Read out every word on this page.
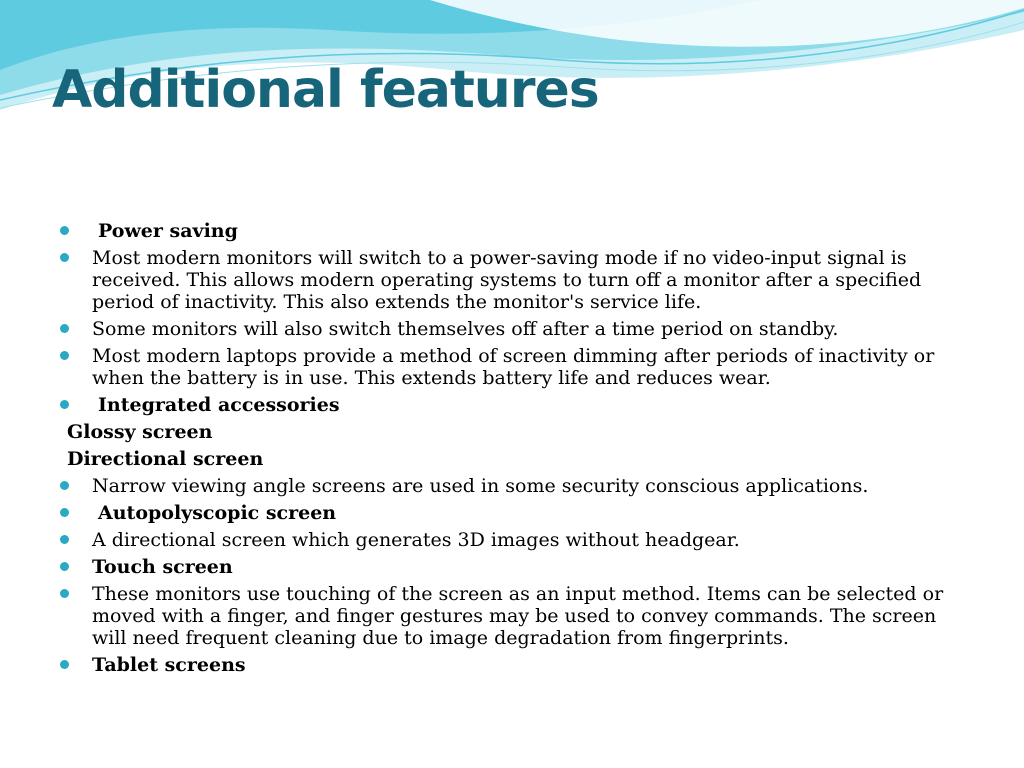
Additional features
Power saving
Most modern monitors will switch to a power-saving mode if no video-input signal is received. This allows modern operating systems to turn off a monitor after a specified period of inactivity. This also extends the monitor's service life.
Some monitors will also switch themselves off after a time period on standby.
Most modern laptops provide a method of screen dimming after periods of inactivity or when the battery is in use. This extends battery life and reduces wear.
Integrated accessories
Glossy screen
Directional screen
Narrow viewing angle screens are used in some security conscious applications.
Autopolyscopic screen
A directional screen which generates 3D images without headgear.
Touch screen
These monitors use touching of the screen as an input method. Items can be selected or moved with a finger, and finger gestures may be used to convey commands. The screen will need frequent cleaning due to image degradation from fingerprints.
Tablet screens
